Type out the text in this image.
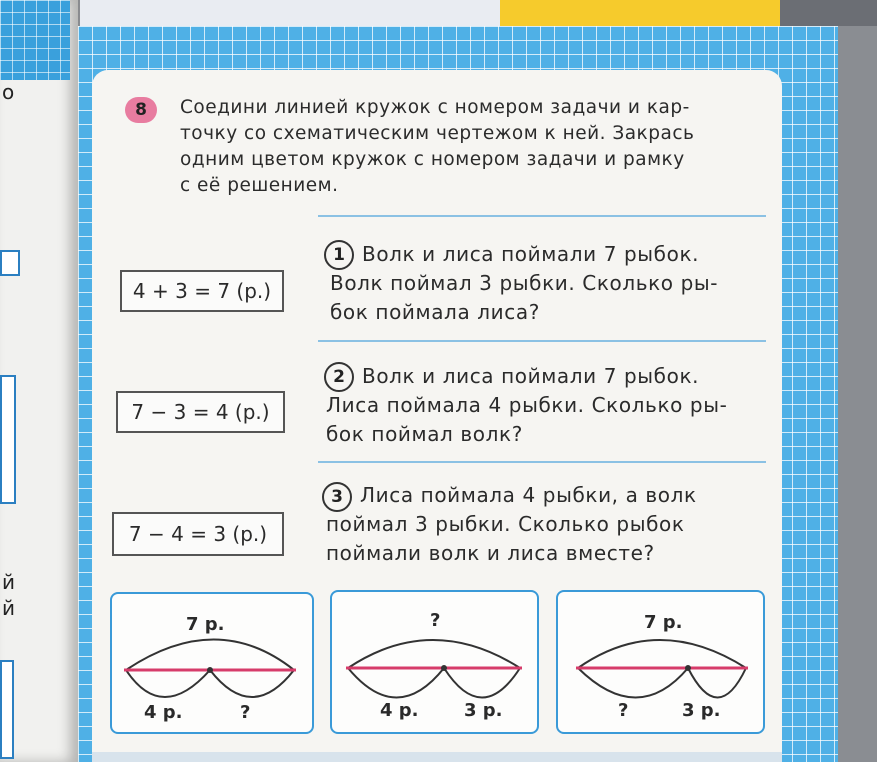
о
й
й
8	Соедини линией кружок с номером задачи и кар-
точку со схематическим чертежом к ней. Закрась
одним цветом кружок с номером задачи и рамку
с её решением.
4 + 3 = 7 (р.)
7 − 3 = 4 (р.)
7 − 4 = 3 (р.)
1 Волк и лиса поймали 7 рыбок.
Волк поймал 3 рыбки. Сколько ры-
бок поймала лиса?
2 Волк и лиса поймали 7 рыбок.
Лиса поймала 4 рыбки. Сколько ры-
бок поймал волк?
3 Лиса поймала 4 рыбки, а волк
поймал 3 рыбки. Сколько рыбок
поймали волк и лиса вместе?
7 р.
4 р.	?
?
4 р.	3 р.
7 р.
?	3 р.
